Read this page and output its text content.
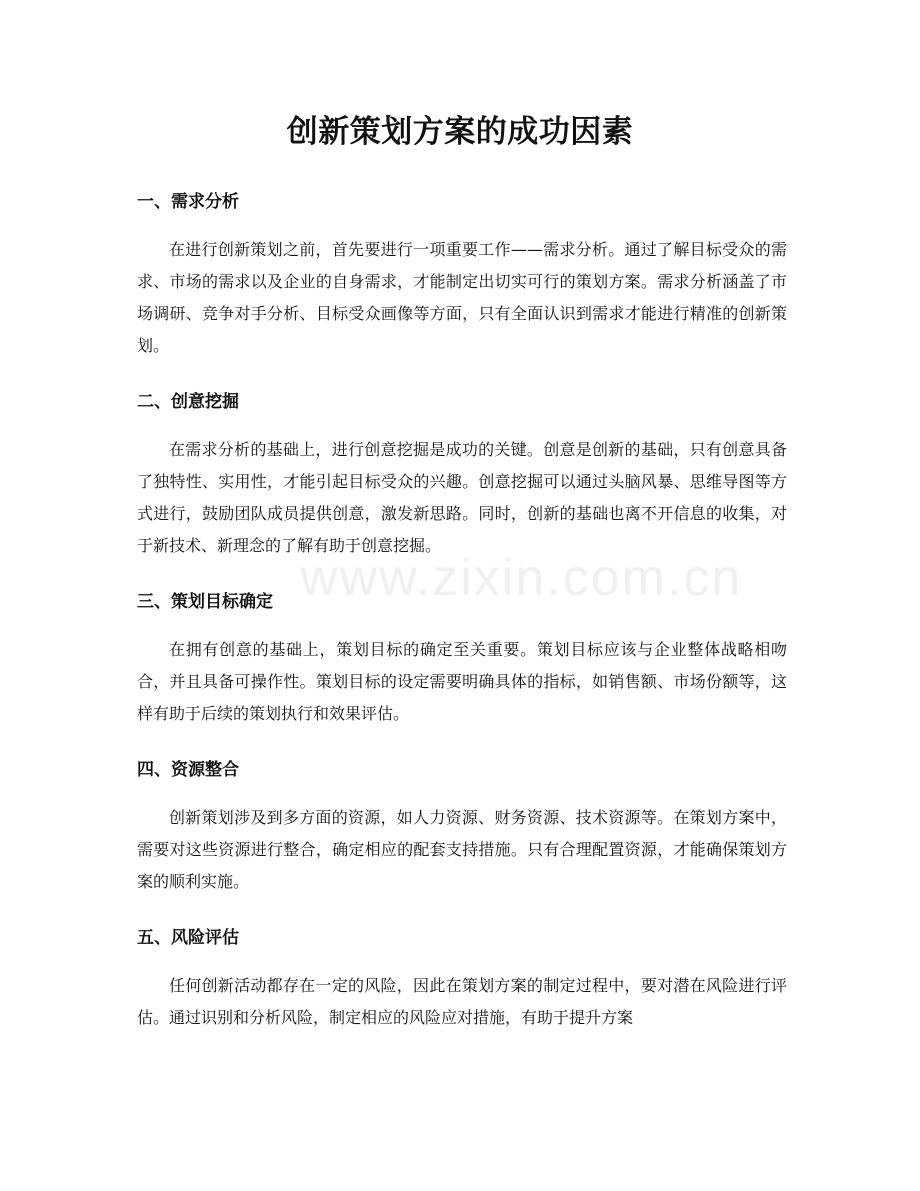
创新策划方案的成功因素
一、需求分析

在进行创新策划之前，首先要进行一项重要工作——需求分析。通过了解目标受众的需求、市场的需求以及企业的自身需求，才能制定出切实可行的策划方案。需求分析涵盖了市场调研、竞争对手分析、目标受众画像等方面，只有全面认识到需求才能进行精准的创新策划。

二、创意挖掘

在需求分析的基础上，进行创意挖掘是成功的关键。创意是创新的基础，只有创意具备了独特性、实用性，才能引起目标受众的兴趣。创意挖掘可以通过头脑风暴、思维导图等方式进行，鼓励团队成员提供创意，激发新思路。同时，创新的基础也离不开信息的收集，对于新技术、新理念的了解有助于创意挖掘。

三、策划目标确定

在拥有创意的基础上，策划目标的确定至关重要。策划目标应该与企业整体战略相吻合，并且具备可操作性。策划目标的设定需要明确具体的指标，如销售额、市场份额等，这样有助于后续的策划执行和效果评估。

四、资源整合

创新策划涉及到多方面的资源，如人力资源、财务资源、技术资源等。在策划方案中，需要对这些资源进行整合，确定相应的配套支持措施。只有合理配置资源，才能确保策划方案的顺利实施。

五、风险评估

任何创新活动都存在一定的风险，因此在策划方案的制定过程中，要对潜在风险进行评估。通过识别和分析风险，制定相应的风险应对措施，有助于提升方案

www.zixin.com.cn
